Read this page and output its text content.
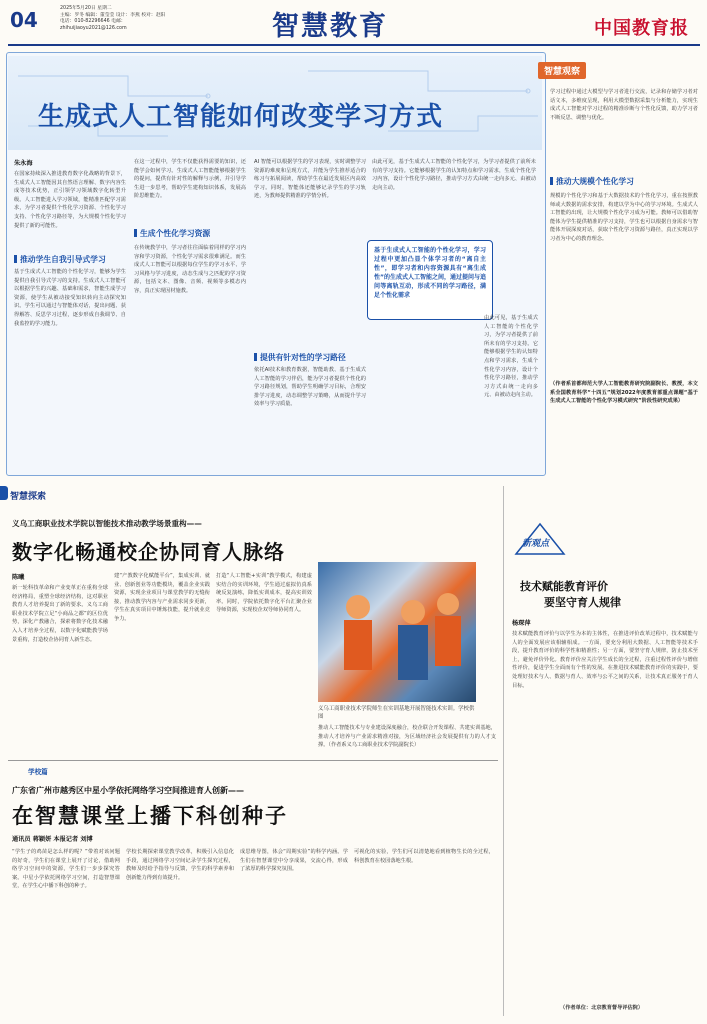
04	2025年5月20日 星期二
主编：罗冬 编辑：董莹莹 设计：李燕 校对：赵阳
电话：010-82296646 电邮：zhihuijiaoyu2021@126.com	智慧教育	中国教育报
智慧观察
生成式人工智能如何改变学习方式
朱永海
在国家持续深入推进教育数字化战略的背景下，生成式人工智能因其自然语言理解、数字内容生成等技术优势，正引领学习领域数字化转型升级。人工智能进入学习领域，能精准匹配学习需求，为学习者提供个性化学习资源、个性化学习支持、个性化学习路径等，为大规模个性化学习提供了新的可能性。
推动学生自我引导式学习
基于生成式人工智能的个性化学习，能够为学生提供自我引导式学习的支持。生成式人工智能可以根据学生的兴趣、基础和需求，智能生成学习资源，使学生从被动接受知识转向主动探究知识。学生可以通过与智能体对话，提出问题、获得解答、反思学习过程，逐步形成自我调节、自我监控的学习能力。
在这一过程中，学生不仅能获得需要的知识，还能学会如何学习。生成式人工智能能够根据学生的提问，提供有针对性的解释与示例，并引导学生进一步思考，帮助学生建构知识体系，发展高阶思维能力。
生成个性化学习资源
在传统教学中，学习者往往面临着同样的学习内容和学习资源，个性化学习需求很难满足。而生成式人工智能可以根据每位学生的学习水平、学习风格与学习进度，动态生成与之匹配的学习资源，包括文本、图像、音频、视频等多模态内容，真正实现因材施教。
AI 智能可以根据学生的学习表现，实时调整学习资源的难度和呈现方式，并能为学生推荐适合的练习与拓展阅读，帮助学生在最近发展区内高效学习。同时，智能体还能够记录学生的学习轨迹，为教师提供精准的学情分析。
提供有针对性的学习路径
依托AI技术和教育数据，智能助教、基于生成式人工智能的学习伴侣，能为学习者提供个性化的学习路径规划，帮助学生明确学习目标，合理安排学习进度，动态调整学习策略，从而提升学习效率与学习质量。
基于生成式人工智能的个性化学习，学习过程中更加凸显个体学习者的“离自主性”，即学习者和内容资源具有“离生成性”的生成式人工智能之间，通过提问与追问等离轨互动，形成不同的学习路径，满足个性化需求
由此可见，基于生成式人工智能的个性化学习，为学习者提供了前所未有的学习支持。它能够根据学生的认知特点和学习需求，生成个性化学习内容，设计个性化学习路径，推动学习方式由统一走向多元、由被动走向主动。
由此可见，基于生成式人工智能的个性化学习，为学习者提供了前所未有的学习支持。它能够根据学生的认知特点和学习需求，生成个性化学习内容，设计个性化学习路径，推动学习方式由统一走向多元、由被动走向主动。
学习过程中通过大模型与学习者进行交流，记录和存储学习者对话文本，多维度呈现，利用大模型数据采集与分析能力，实现生成式人工智能对学习过程的精准诊断与个性化反馈，助力学习者不断反思、调整与优化。
推动大规模个性化学习
规模的个性化学习和基于大数据技术的个性化学习，重在按照教师或大数据的需求安排，构建以学为中心的学习环境。生成式人工智能的出现，让大规模个性化学习成为可能。教师可以借助智能体为学生提供精准的学习支持，学生也可以根据自身需求与智能体开展深度对话，获取个性化学习资源与路径，真正实现以学习者为中心的教育理念。
（作者系首都师范大学人工智能教育研究院副院长、教授，本文系全国教育科学“十四五”规划2022年度教育部重点课题“基于生成式人工智能的个性化学习模式研究”阶段性研究成果）
智慧探索
义乌工商职业技术学院以智能技术推动教学场景重构——
数字化畅通校企协同育人脉络
陈曦
新一轮科技革命和产业变革正在重构全球经济格局，重塑全球经济结构，这对职业教育人才培养提出了新的要求。义乌工商职业技术学院立足“小商品之都”的区位优势，深化产教融合，探索将数字化技术融入人才培养全过程，以数字化赋能教学场景重构，打造校企协同育人新生态。
建“产教数字化赋能平台”，集成实训、就业、创新创业等功能模块，覆盖企业实践资源，实现企业项目与课堂教学的无缝衔接，推动教学内容与产业需求同步更新，学生在真实项目中锤炼技能，提升就业竞争力。
打造“人工智能+实训”教学模式，构建虚实结合的实训环境，学生通过虚拟仿真系统反复演练，降低实训成本，提高实训效率。同时，学院依托数字化平台汇聚企业导师资源，实现校企双导师协同育人。
义乌工商职业技术学院师生在实训基地开展智能技术实训。学校供图
推动人工智能技术与专业建设深度融合，校企联合开发课程、共建实训基地，推动人才培养与产业需求精准对接，为区域经济社会发展提供有力的人才支撑。（作者系义乌工商职业技术学院副院长）
学校篇
广东省广州市越秀区中星小学依托网络学习空间推进育人创新——
在智慧课堂上播下科创种子
通讯员 蒋颖妍 本报记者 刘博
“学生子的鸡苗是怎么样的呢？”带着对该问题的好奇，学生们在课堂上展开了讨论，借助网络学习空间中的资源，学生们一步步探究答案。中星小学依托网络学习空间，打造智慧课堂，在学生心中播下科创的种子。
学校长期探索课堂教学改革，积极引入信息化手段，通过网络学习空间记录学生探究过程，教师及时给予指导与反馈，学生的科学素养和创新能力得到有效提升。
成思维导图，体会“周期实验”的科学内涵。学生们在智慧课堂中分享成果，交流心得，形成了浓厚的科学探究氛围。
可视化的实验，学生们可以清楚地看到植物生长的全过程，科创教育在校园落地生根。
新观点
技术赋能教育评价
要坚守育人规律
杨琛萍
技术赋能教育评价与以学生为本的主体性，在推进评价改革过程中，技术赋能与人的全面发展应该相辅相成。一方面，要充分利用大数据、人工智能等技术手段，提升教育评价的科学性和精准性；另一方面，要坚守育人规律，防止技术至上，避免评价异化。教育评价应关注学生成长的全过程，注重过程性评价与增值性评价，促进学生全面而有个性的发展。在推进技术赋能教育评价的实践中，要处理好技术与人、数据与育人、效率与公平之间的关系，让技术真正服务于育人目标。
（作者单位：北京教育督导评估院）
